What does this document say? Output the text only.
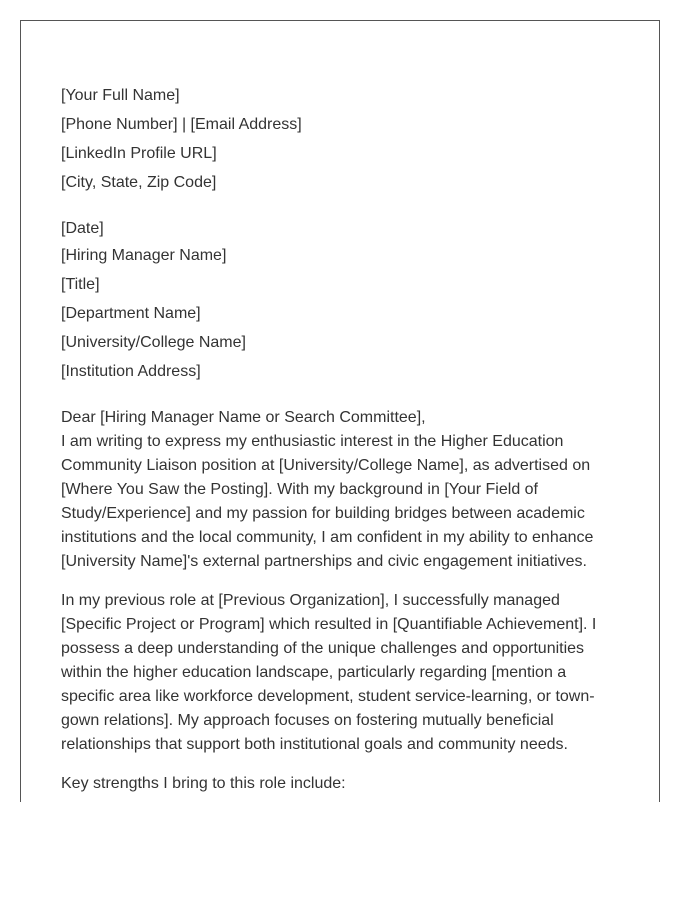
[Your Full Name]
[Phone Number] | [Email Address]
[LinkedIn Profile URL]
[City, State, Zip Code]
[Date]
[Hiring Manager Name]
[Title]
[Department Name]
[University/College Name]
[Institution Address]
Dear [Hiring Manager Name or Search Committee],

I am writing to express my enthusiastic interest in the Higher Education Community Liaison position at [University/College Name], as advertised on [Where You Saw the Posting]. With my background in [Your Field of Study/Experience] and my passion for building bridges between academic institutions and the local community, I am confident in my ability to enhance [University Name]'s external partnerships and civic engagement initiatives.

In my previous role at [Previous Organization], I successfully managed [Specific Project or Program] which resulted in [Quantifiable Achievement]. I possess a deep understanding of the unique challenges and opportunities within the higher education landscape, particularly regarding [mention a specific area like workforce development, student service-learning, or town-gown relations]. My approach focuses on fostering mutually beneficial relationships that support both institutional goals and community needs.

Key strengths I bring to this role include:
